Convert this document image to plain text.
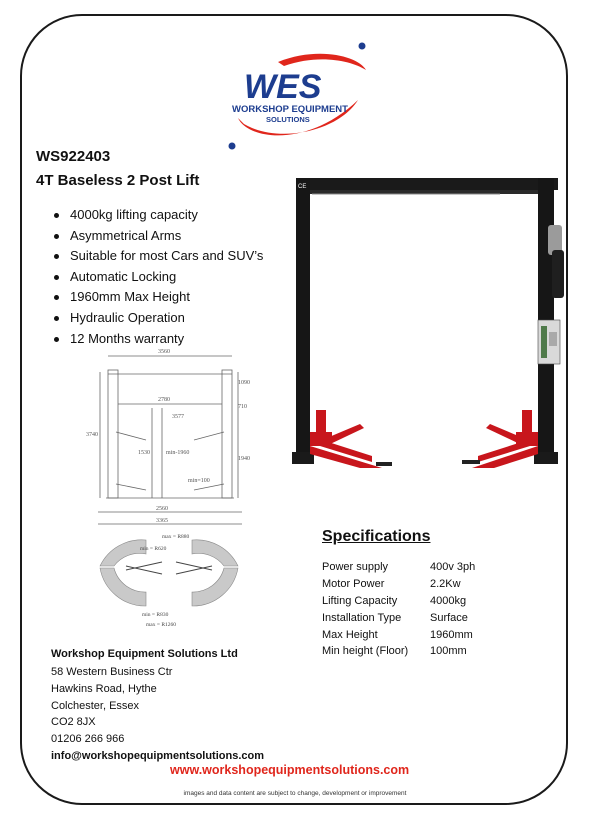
WES
WORKSHOP EQUIPMENT
SOLUTIONS
WS922403
4T Baseless 2 Post Lift
4000kg lifting capacity
Asymmetrical Arms
Suitable for most Cars and SUV’s
Automatic Locking
1960mm Max Height
Hydraulic Operation
12 Months warranty
3560
2780
3740
1090
710
1940
3577
1530	min-1960
min=100
2560
3365
max = R880
min = R620
min = R830
max = R1260
CE
Specifications
Power supply	400v 3ph
Motor Power	2.2Kw
Lifting Capacity	4000kg
Installation Type	Surface
Max Height	1960mm
Min height (Floor)	100mm
Workshop Equipment Solutions Ltd
58 Western Business Ctr
Hawkins Road, Hythe
Colchester, Essex
CO2 8JX
01206 266 966
info@workshopequipmentsolutions.com
www.workshopequipmentsolutions.com
images and data content are subject to change, development or improvement
